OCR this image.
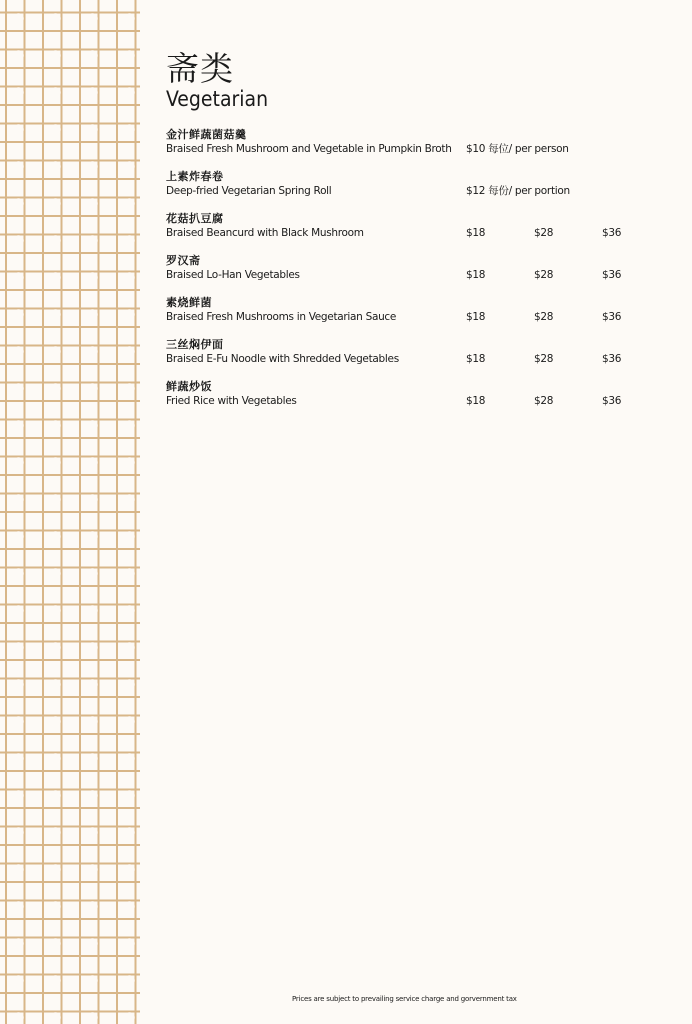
斋类
Vegetarian
金汁鲜蔬菌菇羹
Braised Fresh Mushroom and Vegetable in Pumpkin Broth	$10 每位/ per person
上素炸春卷
Deep-fried Vegetarian Spring Roll	$12 每份/ per portion
花菇扒豆腐
Braised Beancurd with Black Mushroom	$18	$28	$36
罗汉斋
Braised Lo-Han Vegetables	$18	$28	$36
素烧鲜菌
Braised Fresh Mushrooms in Vegetarian Sauce	$18	$28	$36
三丝焖伊面
Braised E-Fu Noodle with Shredded Vegetables	$18	$28	$36
鲜蔬炒饭
Fried Rice with Vegetables	$18	$28	$36
Prices are subject to prevailing service charge and gorvernment tax
